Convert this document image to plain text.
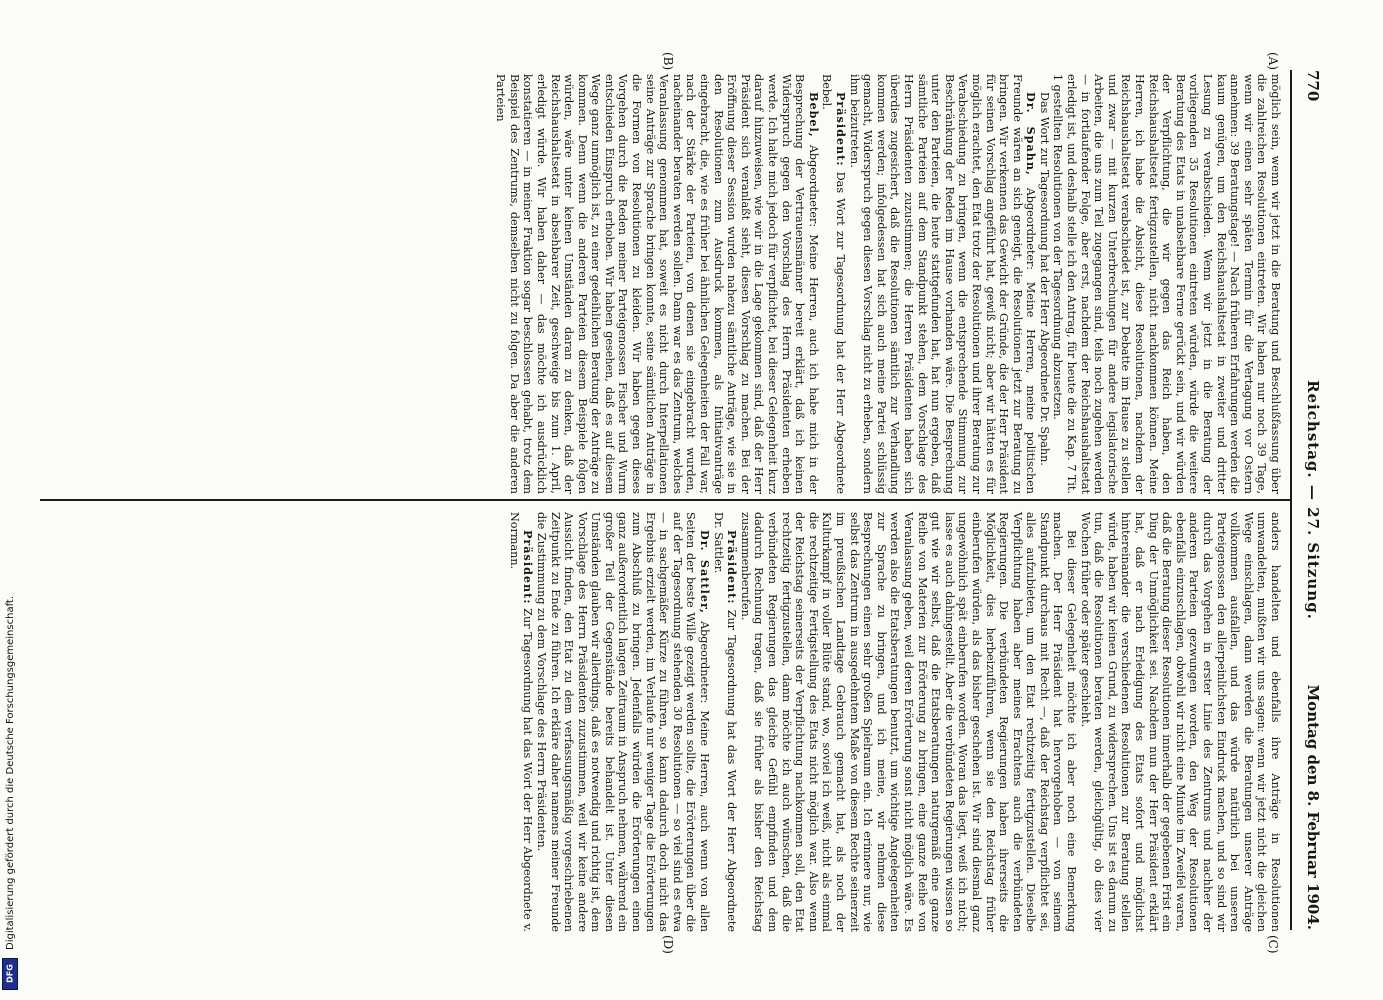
770
Reichstag. — 27. Sitzung.
Montag den 8. Februar 1904.
(A)
(B)
(C)
(D)

möglich sein, wenn wir jetzt in die Beratung und Beschlußfassung über die zahlreichen Resolutionen eintreten. Wir haben nur noch 39 Tage, wenn wir einen sehr späten Termin für die Vertagung vor Ostern annehmen: 39 Beratungstage! — Nach früheren Erfahrungen werden die kaum genügen, um den Reichshaushaltsetat in zweiter und dritter Lesung zu verabschieden. Wenn wir jetzt in die Beratung der vorliegenden 35 Resolutionen eintreten würden, würde die weitere Beratung des Etats in unabsehbare Ferne gerückt sein, und wir würden der Verpflichtung, die wir gegen das Reich haben, den Reichshaushaltsetat fertigzustellen, nicht nachkommen können. Meine Herren, ich habe die Absicht, diese Resolutionen, nachdem der Reichshaushaltsetat verabschiedet ist, zur Debatte im Hause zu stellen und zwar — mit kurzen Unterbrechungen für andere legislatorische Arbeiten, die uns zum Teil zugegangen sind, teils noch zugehen werden — in fortlaufender Folge, aber erst, nachdem der Reichshaushaltsetat erledigt ist, und deshalb stelle ich den Antrag, für heute die zu Kap. 7 Tit. 1 gestellten Resolutionen von der Tagesordnung abzusetzen.

Das Wort zur Tagesordnung hat der Herr Abgeordnete Dr. Spahn.

Dr. Spahn, Abgeordneter: Meine Herren, meine politischen Freunde wären an sich geneigt, die Resolutionen jetzt zur Beratung zu bringen. Wir verkennen das Gewicht der Gründe, die der Herr Präsident für seinen Vorschlag angeführt hat, gewiß nicht; aber wir hätten es für möglich erachtet, den Etat trotz der Resolutionen und ihrer Beratung zur Verabschiedung zu bringen, wenn die entsprechende Stimmung zur Beschränkung der Reden im Hause vorhanden wäre. Die Besprechung unter den Parteien, die heute stattgefunden hat, hat nun ergeben, daß sämtliche Parteien auf dem Standpunkt stehen, dem Vorschlage des Herrn Präsidenten zuzustimmen; die Herren Präsidenten haben sich überdies zugesichert, daß die Resolutionen sämtlich zur Verhandlung kommen werden; infolgedessen hat sich auch meine Partei schlüssig gemacht, Widerspruch gegen diesen Vorschlag nicht zu erheben, sondern ihm beizutreten.

Präsident: Das Wort zur Tagesordnung hat der Herr Abgeordnete Bebel.

Bebel, Abgeordneter: Meine Herren, auch ich habe mich in der Besprechung der Vertrauensmänner bereit erklärt, daß ich keinen Widerspruch gegen den Vorschlag des Herrn Präsidenten erheben werde. Ich halte mich jedoch für verpflichtet, bei dieser Gelegenheit kurz darauf hinzuweisen, wie wir in die Lage gekommen sind, daß der Herr Präsident sich veranlaßt sieht, diesen Vorschlag zu machen. Bei der Eröffnung dieser Session wurden nahezu sämtliche Anträge, wie sie in den Resolutionen zum Ausdruck kommen, als Initiativanträge eingebracht, die, wie es früher bei ähnlichen Gelegenheiten der Fall war, nach der Stärke der Parteien, von denen sie eingebracht wurden, nacheinander beraten werden sollen. Dann war es das Zentrum, welches Veranlassung genommen hat, soweit es nicht durch Interpellationen seine Anträge zur Sprache bringen konnte, seine sämtlichen Anträge in die Formen von Resolutionen zu kleiden. Wir haben gegen dieses Vorgehen durch die Reden meiner Parteigenossen Fischer und Wurm entschieden Einspruch erhoben. Wir haben gesehen, daß es auf diesem Wege ganz unmöglich ist, zu einer gedeihlichen Beratung der Anträge zu kommen. Denn wenn die anderen Parteien diesem Beispiele folgen würden, wäre unter keinen Umständen daran zu denken, daß der Reichshaushaltsetat in absehbarer Zeit, geschweige bis zum 1. April, erledigt würde. Wir haben daher — das möchte ich ausdrücklich konstatieren — in meiner Fraktion sogar beschlossen gehabt, trotz dem Beispiel des Zentrums, demselben nicht zu folgen. Da aber die anderen Parteien

anders handelten und ebenfalls ihre Anträge in Resolutionen umwandelten, mußten wir uns sagen: wenn wir jetzt nicht die gleichen Wege einschlagen, dann werden die Beratungen unserer Anträge vollkommen ausfallen, und das würde natürlich bei unseren Parteigenossen den allerpeinlichsten Eindruck machen, und so sind wir durch das Vorgehen in erster Linie des Zentrums und nachher der anderen Parteien gezwungen worden, den Weg der Resolutionen ebenfalls einzuschlagen, obwohl wir nicht eine Minute im Zweifel waren, daß die Beratung dieser Resolutionen innerhalb der gegebenen Frist ein Ding der Unmöglichkeit sei. Nachdem nun der Herr Präsident erklärt hat, daß er nach Erledigung des Etats sofort und möglichst hintereinander die verschiedenen Resolutionen zur Beratung stellen würde, haben wir keinen Grund, zu widersprechen. Uns ist es darum zu tun, daß die Resolutionen beraten werden, gleichgültig, ob dies vier Wochen früher oder später geschieht.

Bei dieser Gelegenheit möchte ich aber noch eine Bemerkung machen. Der Herr Präsident hat hervorgehoben — von seinem Standpunkt durchaus mit Recht —, daß der Reichstag verpflichtet sei, alles aufzubieten, um den Etat rechtzeitig fertigzustellen. Dieselbe Verpflichtung haben aber meines Erachtens auch die verbündeten Regierungen. Die verbündeten Regierungen haben ihrerseits die Möglichkeit, dies herbeizuführen, wenn sie den Reichstag früher einberufen würden, als das bisher geschehen ist. Wir sind diesmal ganz ungewöhnlich spät einberufen worden. Woran das liegt, weiß ich nicht; lasse es auch dahingestellt. Aber die verbündeten Regierungen wissen so gut wie wir selbst, daß die Etatsberatungen naturgemäß eine ganze Reihe von Materien zur Erörterung zu bringen, eine ganze Reihe von Veranlassung geben, weil deren Erörterung sonst nicht möglich wäre. Es werden also die Etatsberatungen benutzt, um wichtige Angelegenheiten zur Sprache zu bringen, und ich meine, wir nehmen diese Besprechungen einen sehr großen Spielraum ein. Ich erinnere nur, wie selbst das Zentrum in ausgedehntem Maße von diesem Rechte seinerzeit im preußischen Landtage Gebrauch gemacht hat, als noch der Kulturkampf in voller Blüte stand, wo, soviel ich weiß, nicht als einmal die rechtzeitige Fertigstellung des Etats nicht möglich war. Also wenn der Reichstag seinerseits der Verpflichtung nachkommen soll, den Etat rechtzeitig fertigzustellen, dann möchte ich auch wünschen, daß die verbündeten Regierungen das gleiche Gefühl empfinden und dem dadurch Rechnung tragen, daß sie früher als bisher den Reichstag zusammenberufen.

Präsident: Zur Tagesordnung hat das Wort der Herr Abgeordnete Dr. Sattler.

Dr. Sattler, Abgeordneter: Meine Herren, auch wenn von allen Seiten der beste Wille gezeigt werden sollte, die Erörterungen über die auf der Tagesordnung stehenden 30 Resolutionen — so viel sind es etwa — in sachgemäßer Kürze zu führen, so kann dadurch doch nicht das Ergebnis erzielt werden, im Verlaufe nur weniger Tage die Erörterungen zum Abschluß zu bringen. Jedenfalls würden die Erörterungen einen ganz außerordentlich langen Zeitraum in Anspruch nehmen, während ein großer Teil der Gegenstände bereits behandelt ist. Unter diesen Umständen glauben wir allerdings, daß es notwendig und richtig ist, dem Vorschlage des Herrn Präsidenten zuzustimmen, weil wir keine andere Aussicht finden, den Etat zu dem verfassungsmäßig vorgeschriebenen Zeitpunkt zu Ende zu führen. Ich erkläre daher namens meiner Freunde die Zustimmung zu dem Vorschlage des Herrn Präsidenten.

Präsident: Zur Tagesordnung hat das Wort der Herr Abgeordnete v. Normann.

Digitalisierung gefördert durch die Deutsche Forschungsgemeinschaft.
DFG
